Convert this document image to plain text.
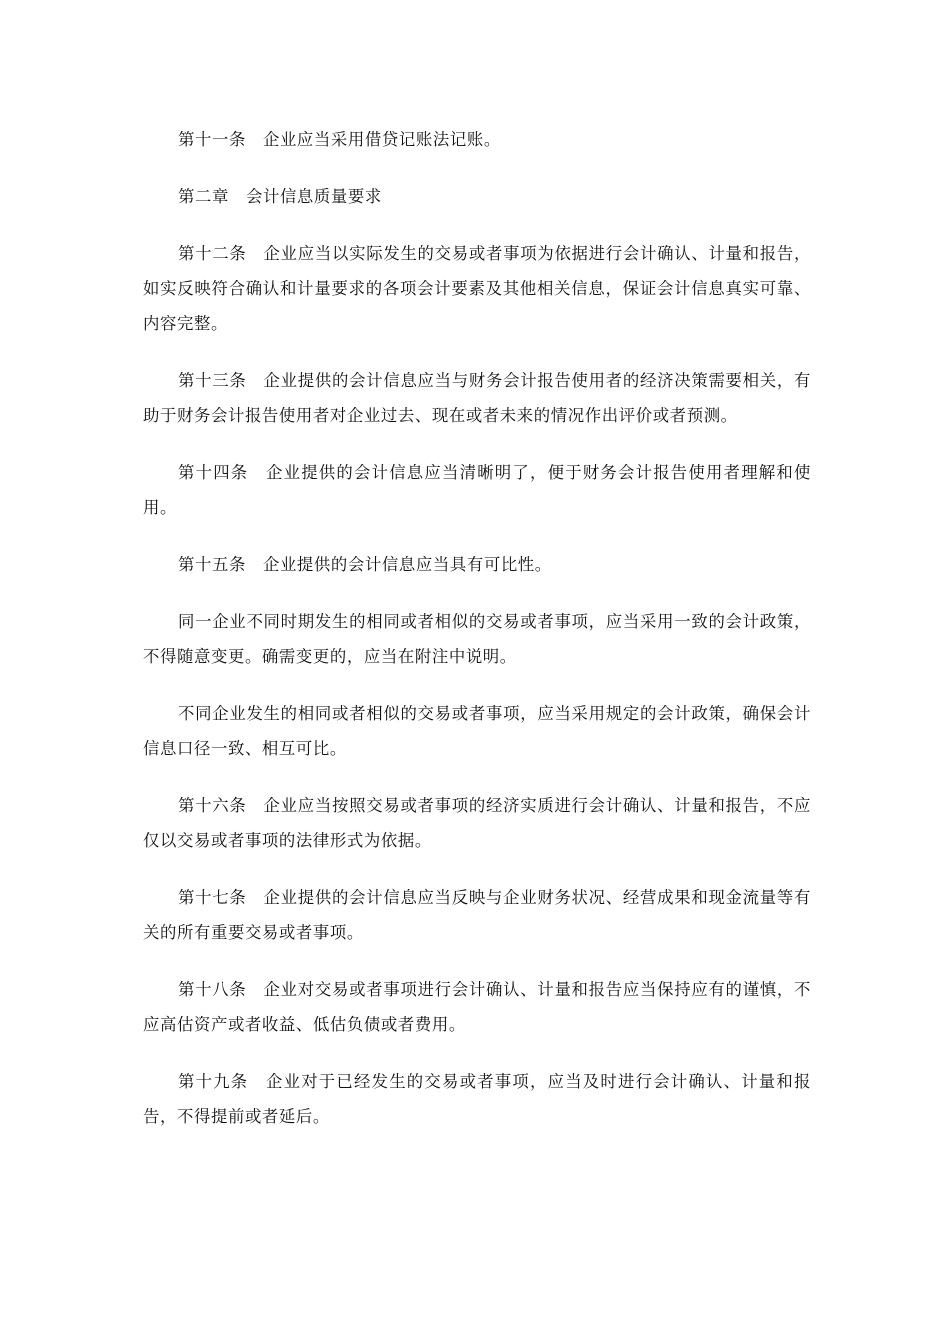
第十一条　企业应当采用借贷记账法记账。

第二章　会计信息质量要求

第十二条　企业应当以实际发生的交易或者事项为依据进行会计确认、计量和报告，如实反映符合确认和计量要求的各项会计要素及其他相关信息，保证会计信息真实可靠、内容完整。

第十三条　企业提供的会计信息应当与财务会计报告使用者的经济决策需要相关，有助于财务会计报告使用者对企业过去、现在或者未来的情况作出评价或者预测。

第十四条　企业提供的会计信息应当清晰明了，便于财务会计报告使用者理解和使用。

第十五条　企业提供的会计信息应当具有可比性。

同一企业不同时期发生的相同或者相似的交易或者事项，应当采用一致的会计政策，不得随意变更。确需变更的，应当在附注中说明。

不同企业发生的相同或者相似的交易或者事项，应当采用规定的会计政策，确保会计信息口径一致、相互可比。

第十六条　企业应当按照交易或者事项的经济实质进行会计确认、计量和报告，不应仅以交易或者事项的法律形式为依据。

第十七条　企业提供的会计信息应当反映与企业财务状况、经营成果和现金流量等有关的所有重要交易或者事项。

第十八条　企业对交易或者事项进行会计确认、计量和报告应当保持应有的谨慎，不应高估资产或者收益、低估负债或者费用。

第十九条　企业对于已经发生的交易或者事项，应当及时进行会计确认、计量和报告，不得提前或者延后。
